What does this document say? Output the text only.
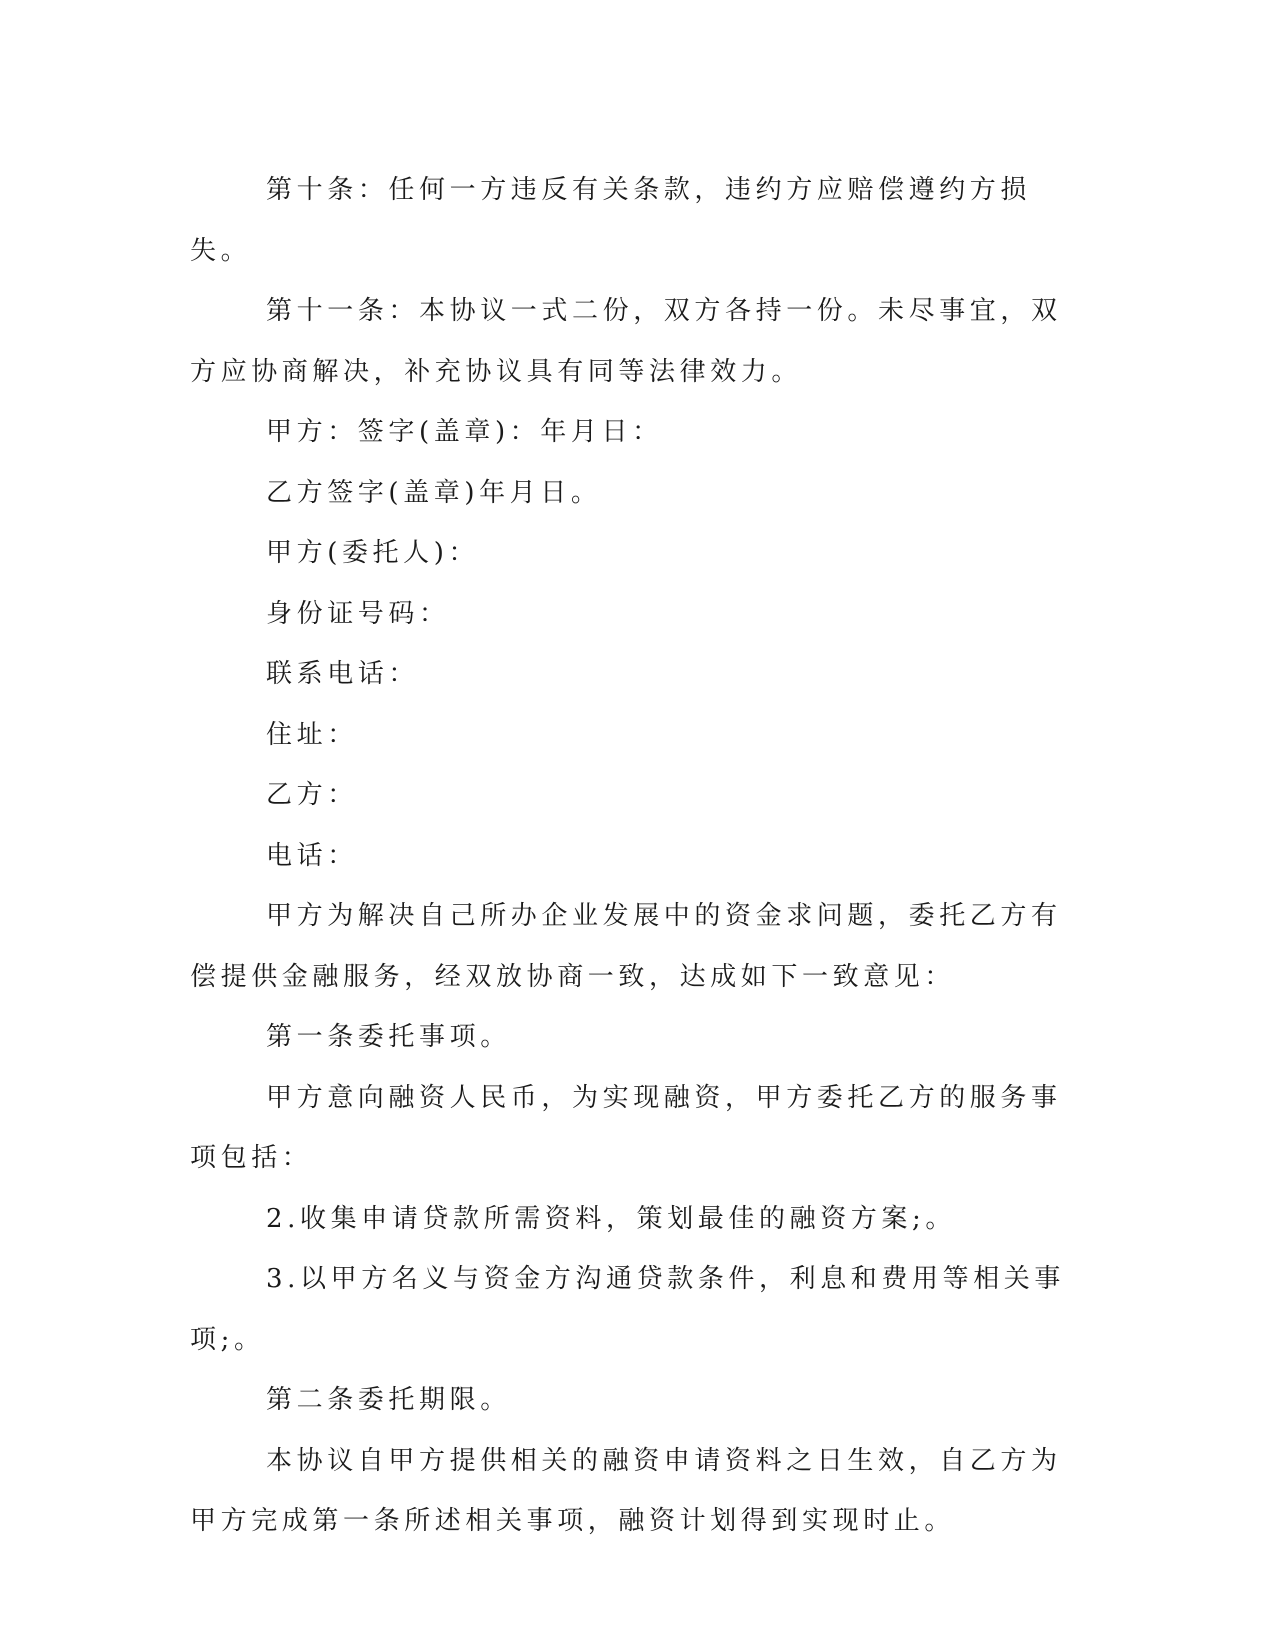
第十条：任何一方违反有关条款，违约方应赔偿遵约方损失。

第十一条：本协议一式二份，双方各持一份。未尽事宜，双方应协商解决，补充协议具有同等法律效力。

甲方：签字(盖章)：年月日：

乙方签字(盖章)年月日。

甲方(委托人)：

身份证号码：

联系电话：

住址：

乙方：

电话：

甲方为解决自己所办企业发展中的资金求问题，委托乙方有偿提供金融服务，经双放协商一致，达成如下一致意见：

第一条委托事项。

甲方意向融资人民币，为实现融资，甲方委托乙方的服务事项包括：

2.收集申请贷款所需资料，策划最佳的融资方案;。

3.以甲方名义与资金方沟通贷款条件，利息和费用等相关事项;。

第二条委托期限。

本协议自甲方提供相关的融资申请资料之日生效，自乙方为甲方完成第一条所述相关事项，融资计划得到实现时止。
